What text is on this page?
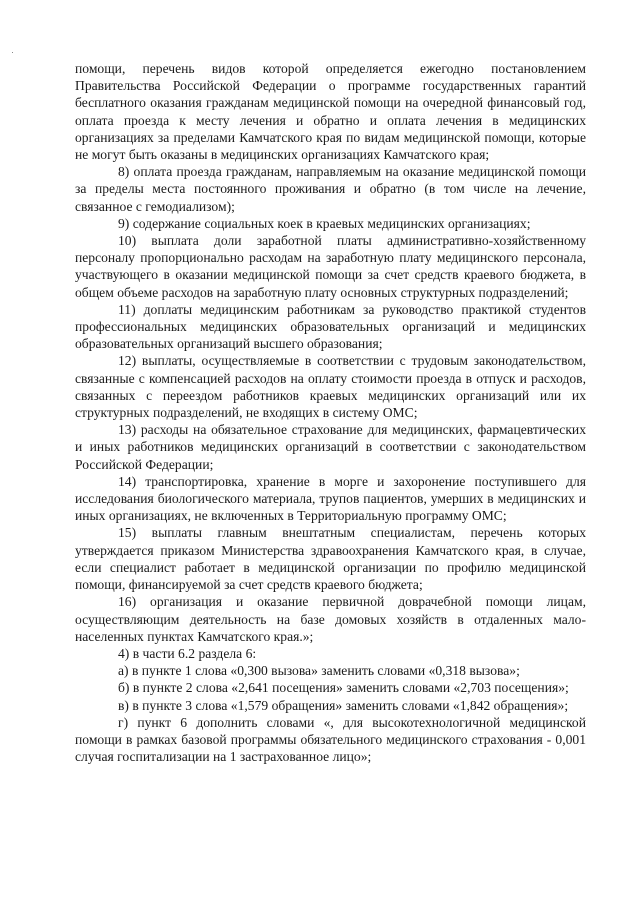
помощи, перечень видов которой определяется ежегодно постановлением Правительства Российской Федерации о программе государственных гарантий бесплатного оказания гражданам медицинской помощи на очередной финансовый год, оплата проезда к месту лечения и обратно и оплата лечения в медицинских организациях за пределами Камчатского края по видам медицинской помощи, которые не могут быть оказаны в медицинских организациях Камчатского края;

8) оплата проезда гражданам, направляемым на оказание медицинской помощи за пределы места постоянного проживания и обратно (в том числе на лечение, связанное с гемодиализом);

9) содержание социальных коек в краевых медицинских организациях;

10) выплата доли заработной платы административно-хозяйственному персоналу пропорционально расходам на заработную плату медицинского персонала, участвующего в оказании медицинской помощи за счет средств краевого бюджета, в общем объеме расходов на заработную плату основных структурных подразделений;

11) доплаты медицинским работникам за руководство практикой студентов профессиональных медицинских образовательных организаций и медицинских образовательных организаций высшего образования;

12) выплаты, осуществляемые в соответствии с трудовым законодательством, связанные с компенсацией расходов на оплату стоимости проезда в отпуск и расходов, связанных с переездом работников краевых медицинских организаций или их структурных подразделений, не входящих в систему ОМС;

13) расходы на обязательное страхование для медицинских, фармацевтических и иных работников медицинских организаций в соответствии с законодательством Российской Федерации;

14) транспортировка, хранение в морге и захоронение поступившего для исследования биологического материала, трупов пациентов, умерших в медицинских и иных организациях, не включенных в Территориальную программу ОМС;

15) выплаты главным внештатным специалистам, перечень которых утверждается приказом Министерства здравоохранения Камчатского края, в случае, если специалист работает в медицинской организации по профилю медицинской помощи, финансируемой за счет средств краевого бюджета;

16) организация и оказание первичной доврачебной помощи лицам, осуществляющим деятельность на базе домовых хозяйств в отдаленных малонаселенных пунктах Камчатского края.»;

4) в части 6.2 раздела 6:

а) в пункте 1 слова «0,300 вызова» заменить словами «0,318 вызова»;

б) в пункте 2 слова «2,641 посещения» заменить словами «2,703 посещения»;

в) в пункте 3 слова «1,579 обращения» заменить словами «1,842 обращения»;

г) пункт 6 дополнить словами «, для высокотехнологичной медицинской помощи в рамках базовой программы обязательного медицинского страхования - 0,001 случая госпитализации на 1 застрахованное лицо»;
